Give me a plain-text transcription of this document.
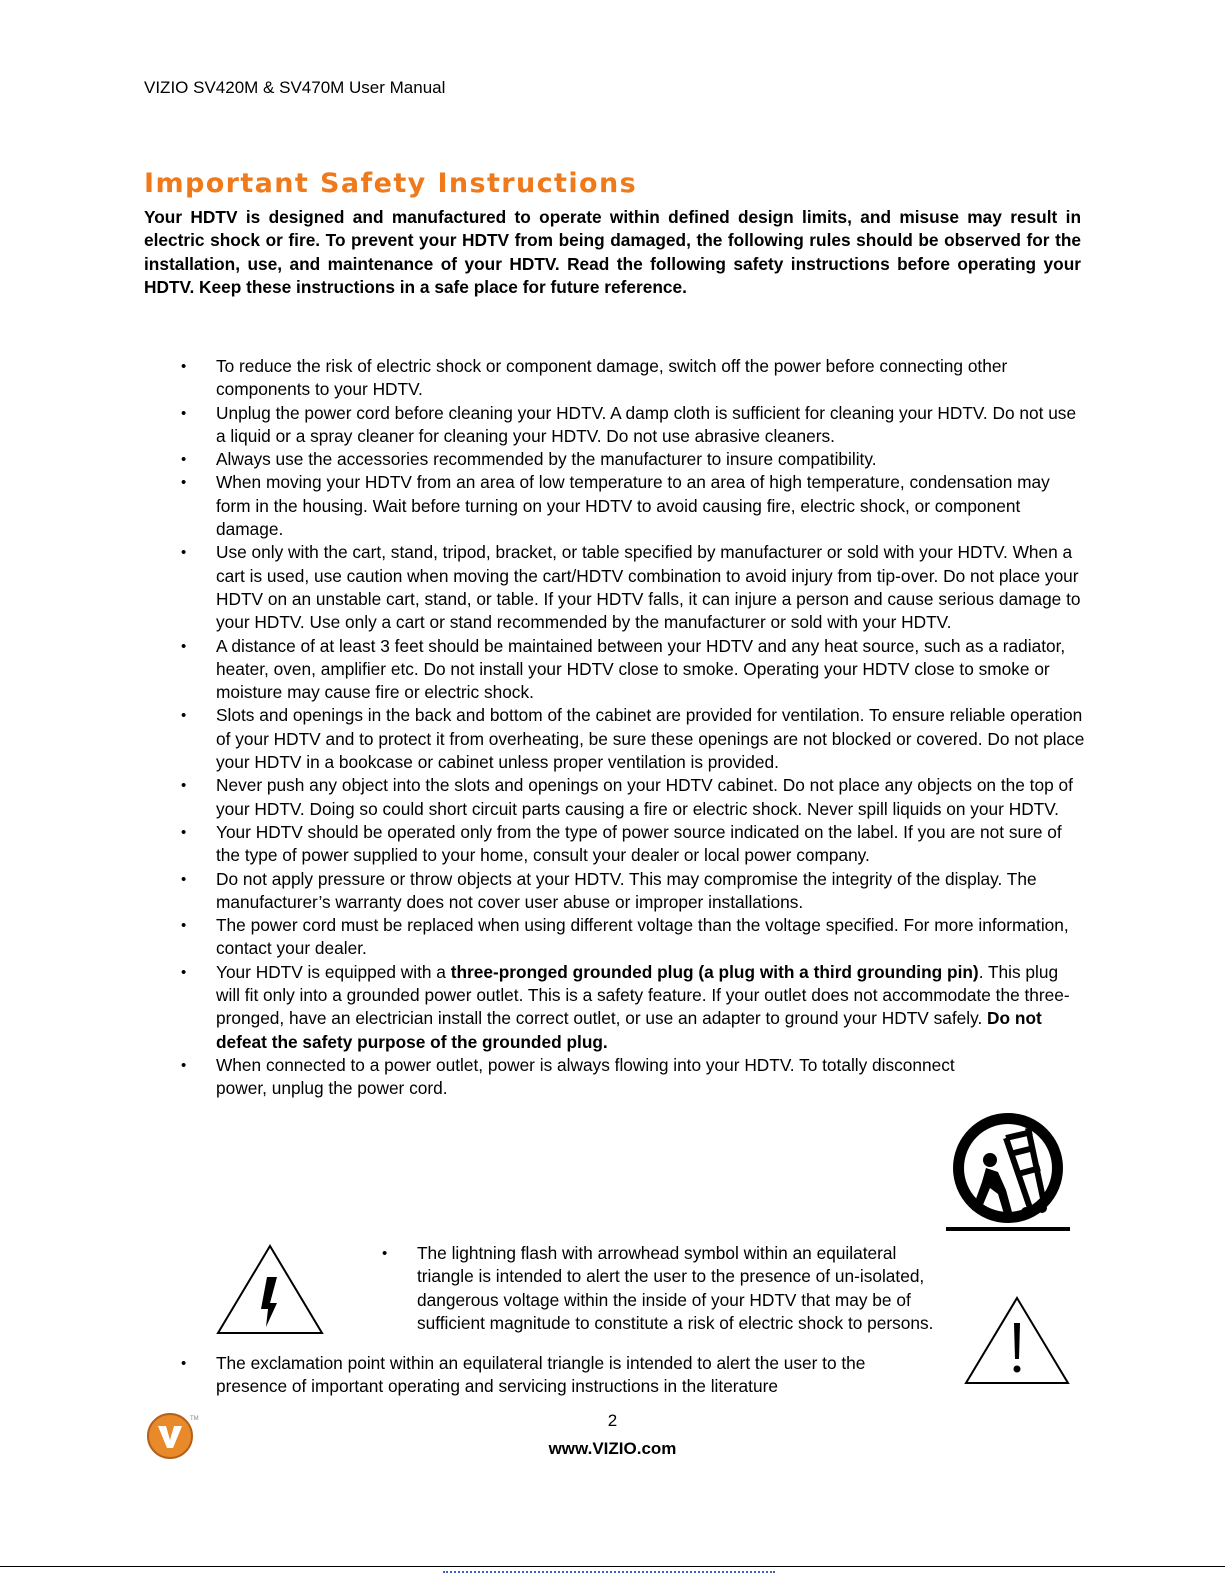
VIZIO SV420M & SV470M User Manual
Important Safety Instructions

Your HDTV is designed and manufactured to operate within defined design limits, and misuse may result in electric shock or fire. To prevent your HDTV from being damaged, the following rules should be observed for the installation, use, and maintenance of your HDTV. Read the following safety instructions before operating your HDTV. Keep these instructions in a safe place for future reference.

• To reduce the risk of electric shock or component damage, switch off the power before connecting other components to your HDTV.
• Unplug the power cord before cleaning your HDTV. A damp cloth is sufficient for cleaning your HDTV. Do not use a liquid or a spray cleaner for cleaning your HDTV. Do not use abrasive cleaners.
• Always use the accessories recommended by the manufacturer to insure compatibility.
• When moving your HDTV from an area of low temperature to an area of high temperature, condensation may form in the housing. Wait before turning on your HDTV to avoid causing fire, electric shock, or component damage.
• Use only with the cart, stand, tripod, bracket, or table specified by manufacturer or sold with your HDTV. When a cart is used, use caution when moving the cart/HDTV combination to avoid injury from tip-over. Do not place your HDTV on an unstable cart, stand, or table. If your HDTV falls, it can injure a person and cause serious damage to your HDTV. Use only a cart or stand recommended by the manufacturer or sold with your HDTV.
• A distance of at least 3 feet should be maintained between your HDTV and any heat source, such as a radiator, heater, oven, amplifier etc. Do not install your HDTV close to smoke. Operating your HDTV close to smoke or moisture may cause fire or electric shock.
• Slots and openings in the back and bottom of the cabinet are provided for ventilation. To ensure reliable operation of your HDTV and to protect it from overheating, be sure these openings are not blocked or covered. Do not place your HDTV in a bookcase or cabinet unless proper ventilation is provided.
• Never push any object into the slots and openings on your HDTV cabinet. Do not place any objects on the top of your HDTV. Doing so could short circuit parts causing a fire or electric shock. Never spill liquids on your HDTV.
• Your HDTV should be operated only from the type of power source indicated on the label. If you are not sure of the type of power supplied to your home, consult your dealer or local power company.
• Do not apply pressure or throw objects at your HDTV. This may compromise the integrity of the display. The manufacturer’s warranty does not cover user abuse or improper installations.
• The power cord must be replaced when using different voltage than the voltage specified. For more information, contact your dealer.
• Your HDTV is equipped with a three-pronged grounded plug (a plug with a third grounding pin). This plug will fit only into a grounded power outlet. This is a safety feature. If your outlet does not accommodate the three-pronged, have an electrician install the correct outlet, or use an adapter to ground your HDTV safely. Do not defeat the safety purpose of the grounded plug.
• When connected to a power outlet, power is always flowing into your HDTV. To totally disconnect power, unplug the power cord.
• The lightning flash with arrowhead symbol within an equilateral triangle is intended to alert the user to the presence of un-isolated, dangerous voltage within the inside of your HDTV that may be of sufficient magnitude to constitute a risk of electric shock to persons.
• The exclamation point within an equilateral triangle is intended to alert the user to the presence of important operating and servicing instructions in the literature
TM	2
www.VIZIO.com
